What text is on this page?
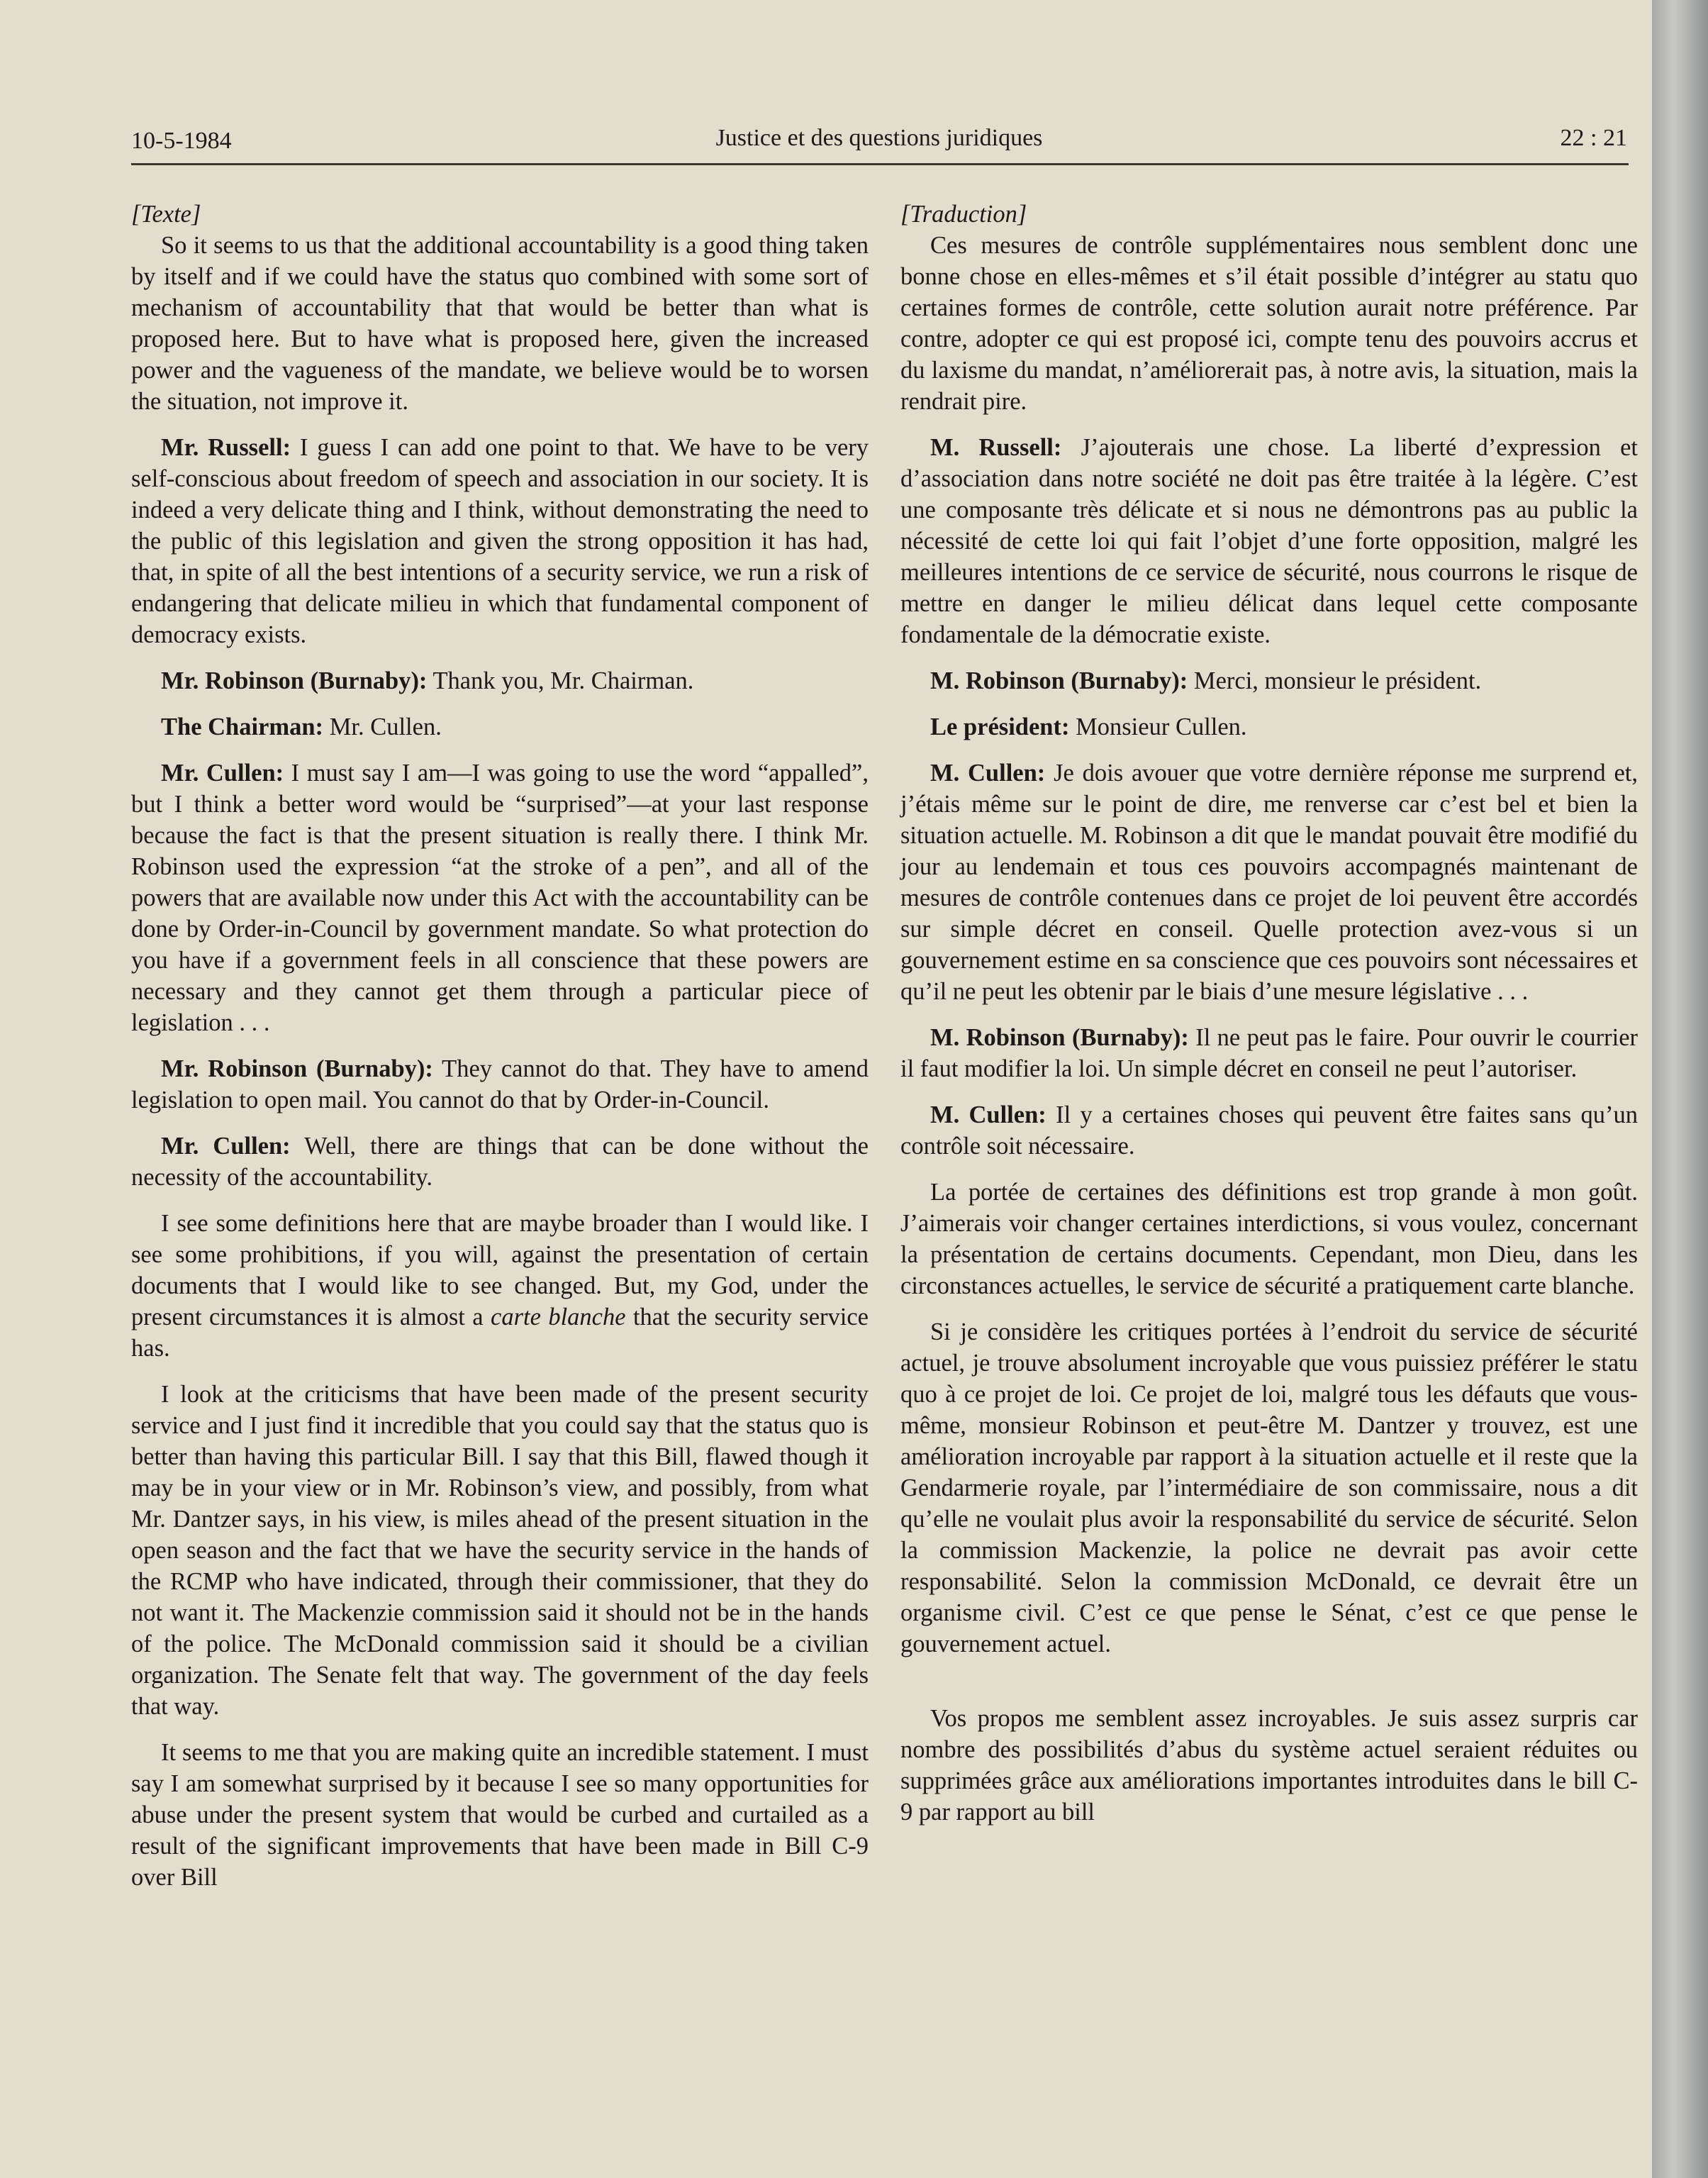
10-5-1984	Justice et des questions juridiques	22 : 21

[Texte]

So it seems to us that the additional accountability is a good thing taken by itself and if we could have the status quo combined with some sort of mechanism of accountability that that would be better than what is proposed here. But to have what is proposed here, given the increased power and the vagueness of the mandate, we believe would be to worsen the situation, not improve it.

Mr. Russell: I guess I can add one point to that. We have to be very self-conscious about freedom of speech and association in our society. It is indeed a very delicate thing and I think, without demonstrating the need to the public of this legislation and given the strong opposition it has had, that, in spite of all the best intentions of a security service, we run a risk of endangering that delicate milieu in which that fundamental component of democracy exists.

Mr. Robinson (Burnaby): Thank you, Mr. Chairman.

The Chairman: Mr. Cullen.

Mr. Cullen: I must say I am—I was going to use the word “appalled”, but I think a better word would be “surprised”—at your last response because the fact is that the present situation is really there. I think Mr. Robinson used the expression “at the stroke of a pen”, and all of the powers that are available now under this Act with the accountability can be done by Order-in-Council by government mandate. So what protection do you have if a government feels in all conscience that these powers are necessary and they cannot get them through a particular piece of legislation . . .

Mr. Robinson (Burnaby): They cannot do that. They have to amend legislation to open mail. You cannot do that by Order-in-Council.

Mr. Cullen: Well, there are things that can be done without the necessity of the accountability.

I see some definitions here that are maybe broader than I would like. I see some prohibitions, if you will, against the presentation of certain documents that I would like to see changed. But, my God, under the present circumstances it is almost a carte blanche that the security service has.

I look at the criticisms that have been made of the present security service and I just find it incredible that you could say that the status quo is better than having this particular Bill. I say that this Bill, flawed though it may be in your view or in Mr. Robinson’s view, and possibly, from what Mr. Dantzer says, in his view, is miles ahead of the present situation in the open season and the fact that we have the security service in the hands of the RCMP who have indicated, through their commissioner, that they do not want it. The Mackenzie commission said it should not be in the hands of the police. The McDonald commission said it should be a civilian organization. The Senate felt that way. The government of the day feels that way.

It seems to me that you are making quite an incredible statement. I must say I am somewhat surprised by it because I see so many opportunities for abuse under the present system that would be curbed and curtailed as a result of the significant improvements that have been made in Bill C-9 over Bill

[Traduction]

Ces mesures de contrôle supplémentaires nous semblent donc une bonne chose en elles-mêmes et s’il était possible d’intégrer au statu quo certaines formes de contrôle, cette solution aurait notre préférence. Par contre, adopter ce qui est proposé ici, compte tenu des pouvoirs accrus et du laxisme du mandat, n’améliorerait pas, à notre avis, la situation, mais la rendrait pire.

M. Russell: J’ajouterais une chose. La liberté d’expression et d’association dans notre société ne doit pas être traitée à la légère. C’est une composante très délicate et si nous ne démontrons pas au public la nécessité de cette loi qui fait l’objet d’une forte opposition, malgré les meilleures intentions de ce service de sécurité, nous courrons le risque de mettre en danger le milieu délicat dans lequel cette composante fondamentale de la démocratie existe.

M. Robinson (Burnaby): Merci, monsieur le président.

Le président: Monsieur Cullen.

M. Cullen: Je dois avouer que votre dernière réponse me surprend et, j’étais même sur le point de dire, me renverse car c’est bel et bien la situation actuelle. M. Robinson a dit que le mandat pouvait être modifié du jour au lendemain et tous ces pouvoirs accompagnés maintenant de mesures de contrôle contenues dans ce projet de loi peuvent être accordés sur simple décret en conseil. Quelle protection avez-vous si un gouvernement estime en sa conscience que ces pouvoirs sont nécessaires et qu’il ne peut les obtenir par le biais d’une mesure législative . . .

M. Robinson (Burnaby): Il ne peut pas le faire. Pour ouvrir le courrier il faut modifier la loi. Un simple décret en conseil ne peut l’autoriser.

M. Cullen: Il y a certaines choses qui peuvent être faites sans qu’un contrôle soit nécessaire.

La portée de certaines des définitions est trop grande à mon goût. J’aimerais voir changer certaines interdictions, si vous voulez, concernant la présentation de certains documents. Cependant, mon Dieu, dans les circonstances actuelles, le service de sécurité a pratiquement carte blanche.

Si je considère les critiques portées à l’endroit du service de sécurité actuel, je trouve absolument incroyable que vous puissiez préférer le statu quo à ce projet de loi. Ce projet de loi, malgré tous les défauts que vous-même, monsieur Robinson et peut-être M. Dantzer y trouvez, est une amélioration incroyable par rapport à la situation actuelle et il reste que la Gendarmerie royale, par l’intermédiaire de son commissaire, nous a dit qu’elle ne voulait plus avoir la responsabilité du service de sécurité. Selon la commission Mackenzie, la police ne devrait pas avoir cette responsabilité. Selon la commission McDonald, ce devrait être un organisme civil. C’est ce que pense le Sénat, c’est ce que pense le gouvernement actuel.

Vos propos me semblent assez incroyables. Je suis assez surpris car nombre des possibilités d’abus du système actuel seraient réduites ou supprimées grâce aux améliorations importantes introduites dans le bill C-9 par rapport au bill
